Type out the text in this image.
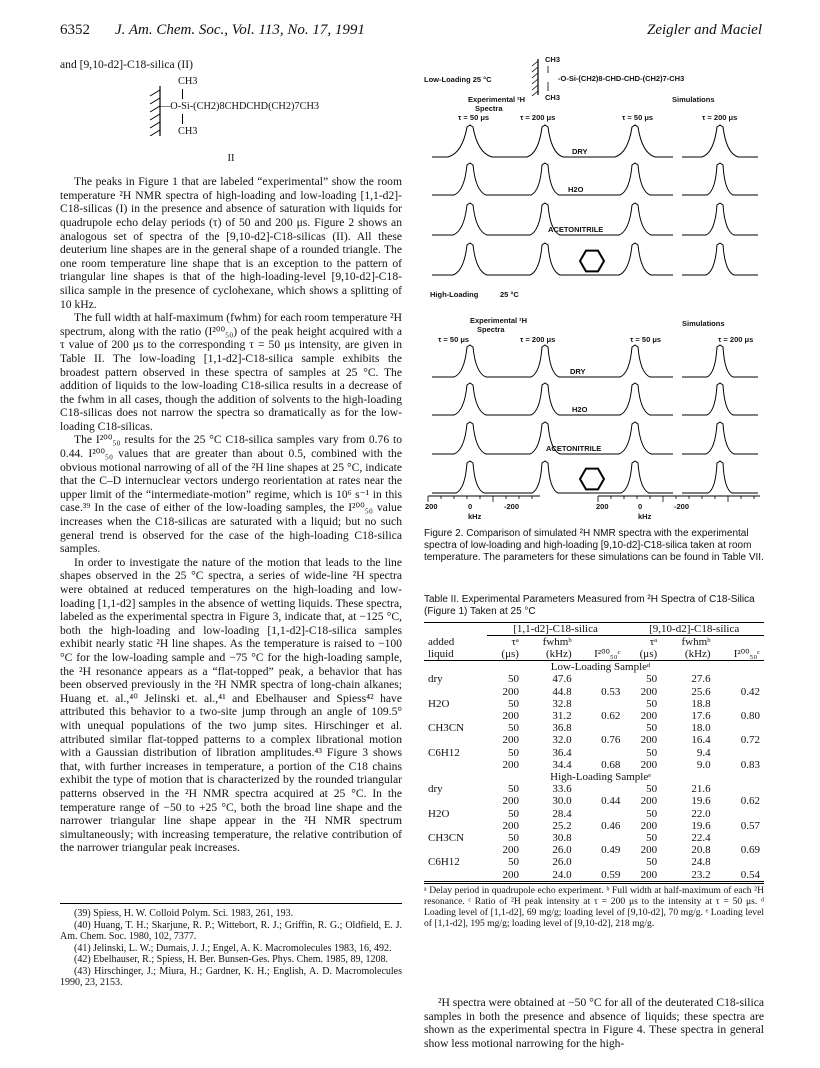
6352 J. Am. Chem. Soc., Vol. 113, No. 17, 1991	Zeigler and Maciel
and [9,10-d2]-C18-silica (II)
CH3
—O-Si-(CH2)8CHDCHD(CH2)7CH3
CH3
II

The peaks in Figure 1 that are labeled “experimental” show the room temperature ²H NMR spectra of high-loading and low-loading [1,1-d2]-C18-silicas (I) in the presence and absence of saturation with liquids for quadrupole echo delay periods (τ) of 50 and 200 μs. Figure 2 shows an analogous set of spectra of the [9,10-d2]-C18-silicas (II). All these deuterium line shapes are in the general shape of a rounded triangle. The one room temperature line shape that is an exception to the pattern of triangular line shapes is that of the high-loading-level [9,10-d2]-C18-silica sample in the presence of cyclohexane, which shows a splitting of 10 kHz.

The full width at half-maximum (fwhm) for each room temperature ²H spectrum, along with the ratio (I²⁰⁰₅₀) of the peak height acquired with a τ value of 200 μs to the corresponding τ = 50 μs intensity, are given in Table II. The low-loading [1,1-d2]-C18-silica sample exhibits the broadest pattern observed in these spectra of samples at 25 °C. The addition of liquids to the low-loading C18-silica results in a decrease of the fwhm in all cases, though the addition of solvents to the high-loading C18-silicas does not narrow the spectra so dramatically as for the low-loading C18-silicas.

The I²⁰⁰₅₀ results for the 25 °C C18-silica samples vary from 0.76 to 0.44. I²⁰⁰₅₀ values that are greater than about 0.5, combined with the obvious motional narrowing of all of the ²H line shapes at 25 °C, indicate that the C–D internuclear vectors undergo reorientation at rates near the upper limit of the “intermediate-motion” regime, which is 10⁶ s⁻¹ in this case.³⁹ In the case of either of the low-loading samples, the I²⁰⁰₅₀ value increases when the C18-silicas are saturated with a liquid; but no such general trend is observed for the case of the high-loading C18-silica samples.

In order to investigate the nature of the motion that leads to the line shapes observed in the 25 °C spectra, a series of wide-line ²H spectra were obtained at reduced temperatures on the high-loading and low-loading [1,1-d2] samples in the absence of wetting liquids. These spectra, labeled as the experimental spectra in Figure 3, indicate that, at −125 °C, both the high-loading and low-loading [1,1-d2]-C18-silica samples exhibit nearly static ²H line shapes. As the temperature is raised to −100 °C for the low-loading sample and −75 °C for the high-loading sample, the ²H resonance appears as a “flat-topped” peak, a behavior that has been observed previously in the ²H NMR spectra of long-chain alkanes; Huang et. al.,⁴⁰ Jelinski et. al.,⁴¹ and Ebelhauser and Spiess⁴² have attributed this behavior to a two-site jump through an angle of 109.5° with unequal populations of the two jump sites. Hirschinger et al. attributed similar flat-topped patterns to a complex librational motion with a Gaussian distribution of libration amplitudes.⁴³ Figure 3 shows that, with further increases in temperature, a portion of the C18 chains exhibit the type of motion that is characterized by the rounded triangular patterns observed in the ²H NMR spectra acquired at 25 °C. In the temperature range of −50 to +25 °C, both the broad line shape and the narrower triangular line shape appear in the ²H NMR spectrum simultaneously; with increasing temperature, the relative contribution of the narrower triangular peak increases.

(39) Spiess, H. W. Colloid Polym. Sci. 1983, 261, 193.

(40) Huang, T. H.; Skarjune, R. P.; Wittebort, R. J.; Griffin, R. G.; Oldfield, E. J. Am. Chem. Soc. 1980, 102, 7377.

(41) Jelinski, L. W.; Dumais, J. J.; Engel, A. K. Macromolecules 1983, 16, 492.

(42) Ebelhauser, R.; Spiess, H. Ber. Bunsen-Ges. Phys. Chem. 1985, 89, 1208.

(43) Hirschinger, J.; Miura, H.; Gardner, K. H.; English, A. D. Macromolecules 1990, 23, 2153.

CH3
-O-Si-(CH2)8-CHD-CHD-(CH2)7-CH3
CH3
Low-Loading 25 °C
Experimental ²H
Spectra
Simulations
τ = 50 μs	τ = 200 μs	τ = 50 μs	τ = 200 μs
DRY
H2O
ACETONITRILE
High-Loading	25 °C
Experimental ²H
Spectra
Simulations
τ = 50 μs	τ = 200 μs	τ = 50 μs	τ = 200 μs
DRY
H2O
ACETONITRILE
200	0	-200	200	0	-200
kHz	kHz
Figure 2. Comparison of simulated ²H NMR spectra with the experimental spectra of low-loading and high-loading [9,10-d2]-C18-silica taken at room temperature. The parameters for these simulations can be found in Table VII.
Table II. Experimental Parameters Measured from ²H Spectra of C18-Silica (Figure 1) Taken at 25 °C
	[1,1-d2]-C18-silica			[9,10-d2]-C18-silica		
added	τᵃ	fwhmᵇ		τᵃ	fwhmᵇ	
liquid	(μs)	(kHz)	I²⁰⁰₅₀ᶜ	(μs)	(kHz)	I²⁰⁰₅₀ᶜ
	Low-Loading Sampleᵈ					
dry	50	47.6		50	27.6	
	200	44.8	0.53	200	25.6	0.42
H2O	50	32.8		50	18.8	
	200	31.2	0.62	200	17.6	0.80
CH3CN	50	36.8		50	18.0	
	200	32.0	0.76	200	16.4	0.72
C6H12	50	36.4		50	9.4	
	200	34.4	0.68	200	9.0	0.83
	High-Loading Sampleᵉ					
dry	50	33.6		50	21.6	
	200	30.0	0.44	200	19.6	0.62
H2O	50	28.4		50	22.0	
	200	25.2	0.46	200	19.6	0.57
CH3CN	50	30.8		50	22.4	
	200	26.0	0.49	200	20.8	0.69
C6H12	50	26.0		50	24.8	
	200	24.0	0.59	200	23.2	0.54
ᵃ Delay period in quadrupole echo experiment. ᵇ Full width at half-maximum of each ²H resonance. ᶜ Ratio of ²H peak intensity at τ = 200 μs to the intensity at τ = 50 μs. ᵈ Loading level of [1,1-d2], 69 mg/g; loading level of [9,10-d2], 70 mg/g. ᵉ Loading level of [1,1-d2], 195 mg/g; loading level of [9,10-d2], 218 mg/g.
²H spectra were obtained at −50 °C for all of the deuterated C18-silica samples in both the presence and absence of liquids; these spectra are shown as the experimental spectra in Figure 4. These spectra in general show less motional narrowing for the high-
